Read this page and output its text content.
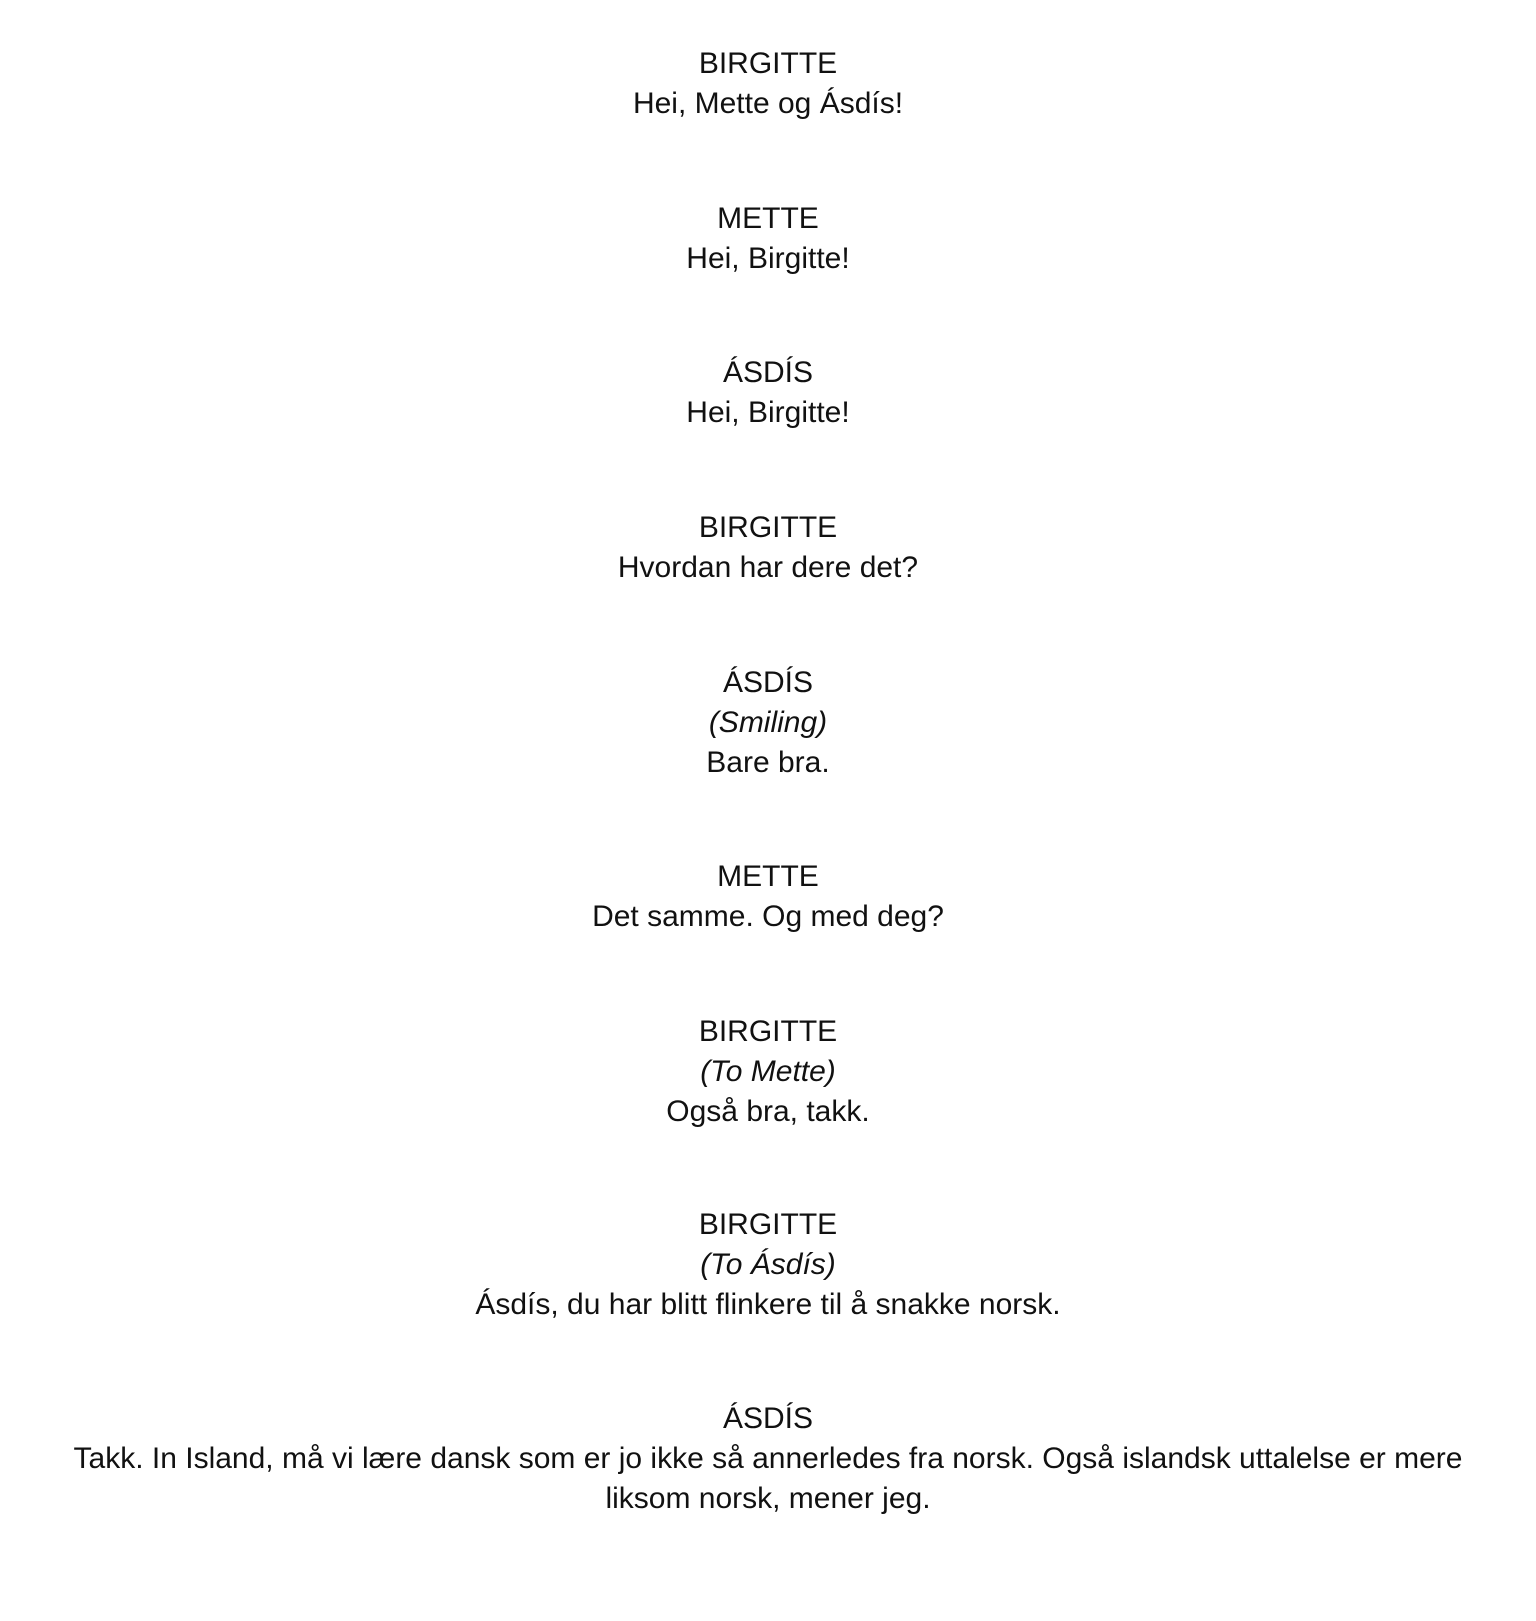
BIRGITTE
Hei, Mette og Ásdís!
METTE
Hei, Birgitte!
ÁSDÍS
Hei, Birgitte!
BIRGITTE
Hvordan har dere det?
ÁSDÍS
(Smiling)
Bare bra.
METTE
Det samme. Og med deg?
BIRGITTE
(To Mette)
Også bra, takk.
BIRGITTE
(To Ásdís)
Ásdís, du har blitt flinkere til å snakke norsk.
ÁSDÍS
Takk. In Island, må vi lære dansk som er jo ikke så annerledes fra norsk. Også islandsk uttalelse er mere
liksom norsk, mener jeg.
